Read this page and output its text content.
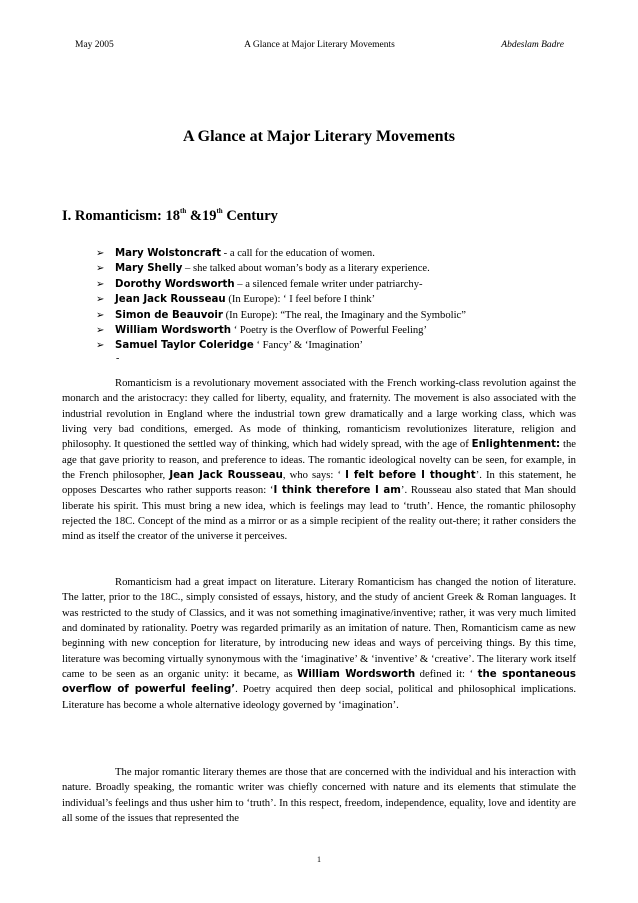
May 2005	A Glance at Major Literary Movements	Abdeslam Badre
A Glance at Major Literary Movements
I. Romanticism: 18th &19th Century
➢ Mary Wolstoncraft - a call for the education of women.
➢ Mary Shelly – she talked about woman’s body as a literary experience.
➢ Dorothy Wordsworth – a silenced female writer under patriarchy-
➢ Jean Jack Rousseau (In Europe): ‘ I feel before I think’
➢ Simon de Beauvoir (In Europe): “The real, the Imaginary and the Symbolic”
➢ William Wordsworth ‘ Poetry is the Overflow of Powerful Feeling’
➢ Samuel Taylor Coleridge ‘ Fancy’ & ‘Imagination’
-

Romanticism is a revolutionary movement associated with the French working-class revolution against the monarch and the aristocracy: they called for liberty, equality, and fraternity. The movement is also associated with the industrial revolution in England where the industrial town grew dramatically and a large working class, which was living very bad conditions, emerged. As mode of thinking, romanticism revolutionizes literature, religion and philosophy. It questioned the settled way of thinking, which had widely spread, with the age of Enlightenment: the age that gave priority to reason, and preference to ideas. The romantic ideological novelty can be seen, for example, in the French philosopher, Jean Jack Rousseau, who says: ‘ I felt before I thought’. In this statement, he opposes Descartes who rather supports reason: ‘I think therefore I am’. Rousseau also stated that Man should liberate his spirit. This must bring a new idea, which is feelings may lead to ‘truth’. Hence, the romantic philosophy rejected the 18C. Concept of the mind as a mirror or as a simple recipient of the reality out-there; it rather considers the mind as itself the creator of the universe it perceives.

Romanticism had a great impact on literature. Literary Romanticism has changed the notion of literature. The latter, prior to the 18C., simply consisted of essays, history, and the study of ancient Greek & Roman languages. It was restricted to the study of Classics, and it was not something imaginative/inventive; rather, it was very much limited and dominated by rationality. Poetry was regarded primarily as an imitation of nature. Then, Romanticism came as new beginning with new conception for literature, by introducing new ideas and ways of perceiving things. By this time, literature was becoming virtually synonymous with the ‘imaginative’ & ‘inventive’ & ‘creative’. The literary work itself came to be seen as an organic unity: it became, as William Wordsworth defined it: ‘ the spontaneous overflow of powerful feeling’. Poetry acquired then deep social, political and philosophical implications. Literature has become a whole alternative ideology governed by ‘imagination’.

The major romantic literary themes are those that are concerned with the individual and his interaction with nature. Broadly speaking, the romantic writer was chiefly concerned with nature and its elements that stimulate the individual’s feelings and thus usher him to ‘truth’. In this respect, freedom, independence, equality, love and identity are all some of the issues that represented the

1
